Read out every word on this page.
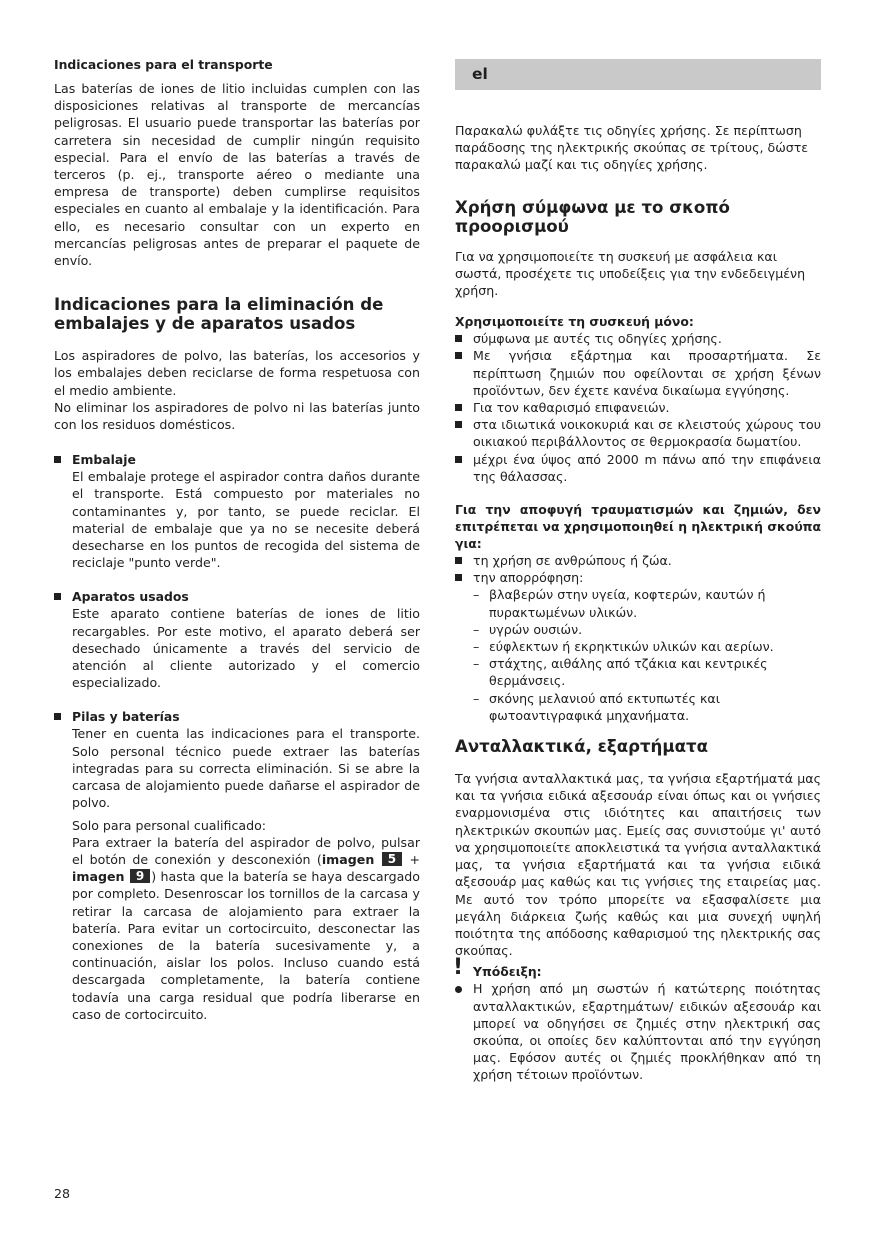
Indicaciones para el transporte

Las baterías de iones de litio incluidas cumplen con las disposiciones relativas al transporte de mercancías peligrosas. El usuario puede transportar las baterías por carretera sin necesidad de cumplir ningún requisito especial. Para el envío de las baterías a través de terceros (p. ej., transporte aéreo o mediante una empresa de transporte) deben cumplirse requisitos especiales en cuanto al embalaje y la identificación. Para ello, es necesario consultar con un experto en mercancías peligrosas antes de preparar el paquete de envío.

Indicaciones para la eliminación de embalajes y de aparatos usados

Los aspiradores de polvo, las baterías, los accesorios y los embalajes deben reciclarse de forma respetuosa con el medio ambiente.

No eliminar los aspiradores de polvo ni las baterías junto con los residuos domésticos.

Embalaje

El embalaje protege el aspirador contra daños durante el transporte. Está compuesto por materiales no contaminantes y, por tanto, se puede reciclar. El material de embalaje que ya no se necesite deberá desecharse en los puntos de recogida del sistema de reciclaje "punto verde".

Aparatos usados

Este aparato contiene baterías de iones de litio recargables. Por este motivo, el aparato deberá ser desechado únicamente a través del servicio de atención al cliente autorizado y el comercio especializado.

Pilas y baterías

Tener en cuenta las indicaciones para el transporte. Solo personal técnico puede extraer las baterías integradas para su correcta eliminación. Si se abre la carcasa de alojamiento puede dañarse el aspirador de polvo.

Solo para personal cualificado:

Para extraer la batería del aspirador de polvo, pulsar el botón de conexión y desconexión (imagen 5 + imagen 9 ) hasta que la batería se haya descargado por completo. Desenroscar los tornillos de la carcasa y retirar la carcasa de alojamiento para extraer la batería. Para evitar un cortocircuito, desconectar las conexiones de la batería sucesivamente y, a continuación, aislar los polos. Incluso cuando está descargada completamente, la batería contiene todavía una carga residual que podría liberarse en caso de cortocircuito.

el

Παρακαλώ φυλάξτε τις οδηγίες χρήσης. Σε περίπτωση παράδοσης της ηλεκτρικής σκούπας σε τρίτους, δώστε παρακαλώ μαζί και τις οδηγίες χρήσης.

Χρήση σύμφωνα με το σκοπό προορισμού

Για να χρησιμοποιείτε τη συσκευή με ασφάλεια και σωστά, προσέχετε τις υποδείξεις για την ενδεδειγμένη χρήση.

Χρησιμοποιείτε τη συσκευή μόνο:
σύμφωνα με αυτές τις οδηγίες χρήσης.
Με γνήσια εξάρτημα και προσαρτήματα. Σε περίπτωση ζημιών που οφείλονται σε χρήση ξένων προϊόντων, δεν έχετε κανένα δικαίωμα εγγύησης.
Για τον καθαρισμό επιφανειών.
στα ιδιωτικά νοικοκυριά και σε κλειστούς χώρους του οικιακού περιβάλλοντος σε θερμοκρασία δωματίου.
μέχρι ένα ύψος από 2000 m πάνω από την επιφάνεια της θάλασσας.
Για την αποφυγή τραυματισμών και ζημιών, δεν επιτρέπεται να χρησιμοποιηθεί η ηλεκτρική σκούπα για:
τη χρήση σε ανθρώπους ή ζώα.
την απορρόφηση:
– βλαβερών στην υγεία, κοφτερών, καυτών ή πυρακτωμένων υλικών.
– υγρών ουσιών.
– εύφλεκτων ή εκρηκτικών υλικών και αερίων.
– στάχτης, αιθάλης από τζάκια και κεντρικές θερμάνσεις.
– σκόνης μελανιού από εκτυπωτές και φωτοαντιγραφικά μηχανήματα.
Ανταλλακτικά, εξαρτήματα

Τα γνήσια ανταλλακτικά μας, τα γνήσια εξαρτήματά μας και τα γνήσια ειδικά αξεσουάρ είναι όπως και οι γνήσιες εναρμονισμένα στις ιδιότητες και απαιτήσεις των ηλεκτρικών σκουπών μας. Εμείς σας συνιστούμε γι' αυτό να χρησιμοποιείτε αποκλειστικά τα γνήσια ανταλλακτικά μας, τα γνήσια εξαρτήματά και τα γνήσια ειδικά αξεσουάρ μας καθώς και τις γνήσιες της εταιρείας μας. Με αυτό τον τρόπο μπορείτε να εξασφαλίσετε μια μεγάλη διάρκεια ζωής καθώς και μια συνεχή υψηλή ποιότητα της απόδοσης καθαρισμού της ηλεκτρικής σας σκούπας.

! Υπόδειξη:

Η χρήση από μη σωστών ή κατώτερης ποιότητας ανταλλακτικών, εξαρτημάτων/ ειδικών αξεσουάρ και μπορεί να οδηγήσει σε ζημιές στην ηλεκτρική σας σκούπα, οι οποίες δεν καλύπτονται από την εγγύηση μας. Εφόσον αυτές οι ζημιές προκλήθηκαν από τη χρήση τέτοιων προϊόντων.

28
